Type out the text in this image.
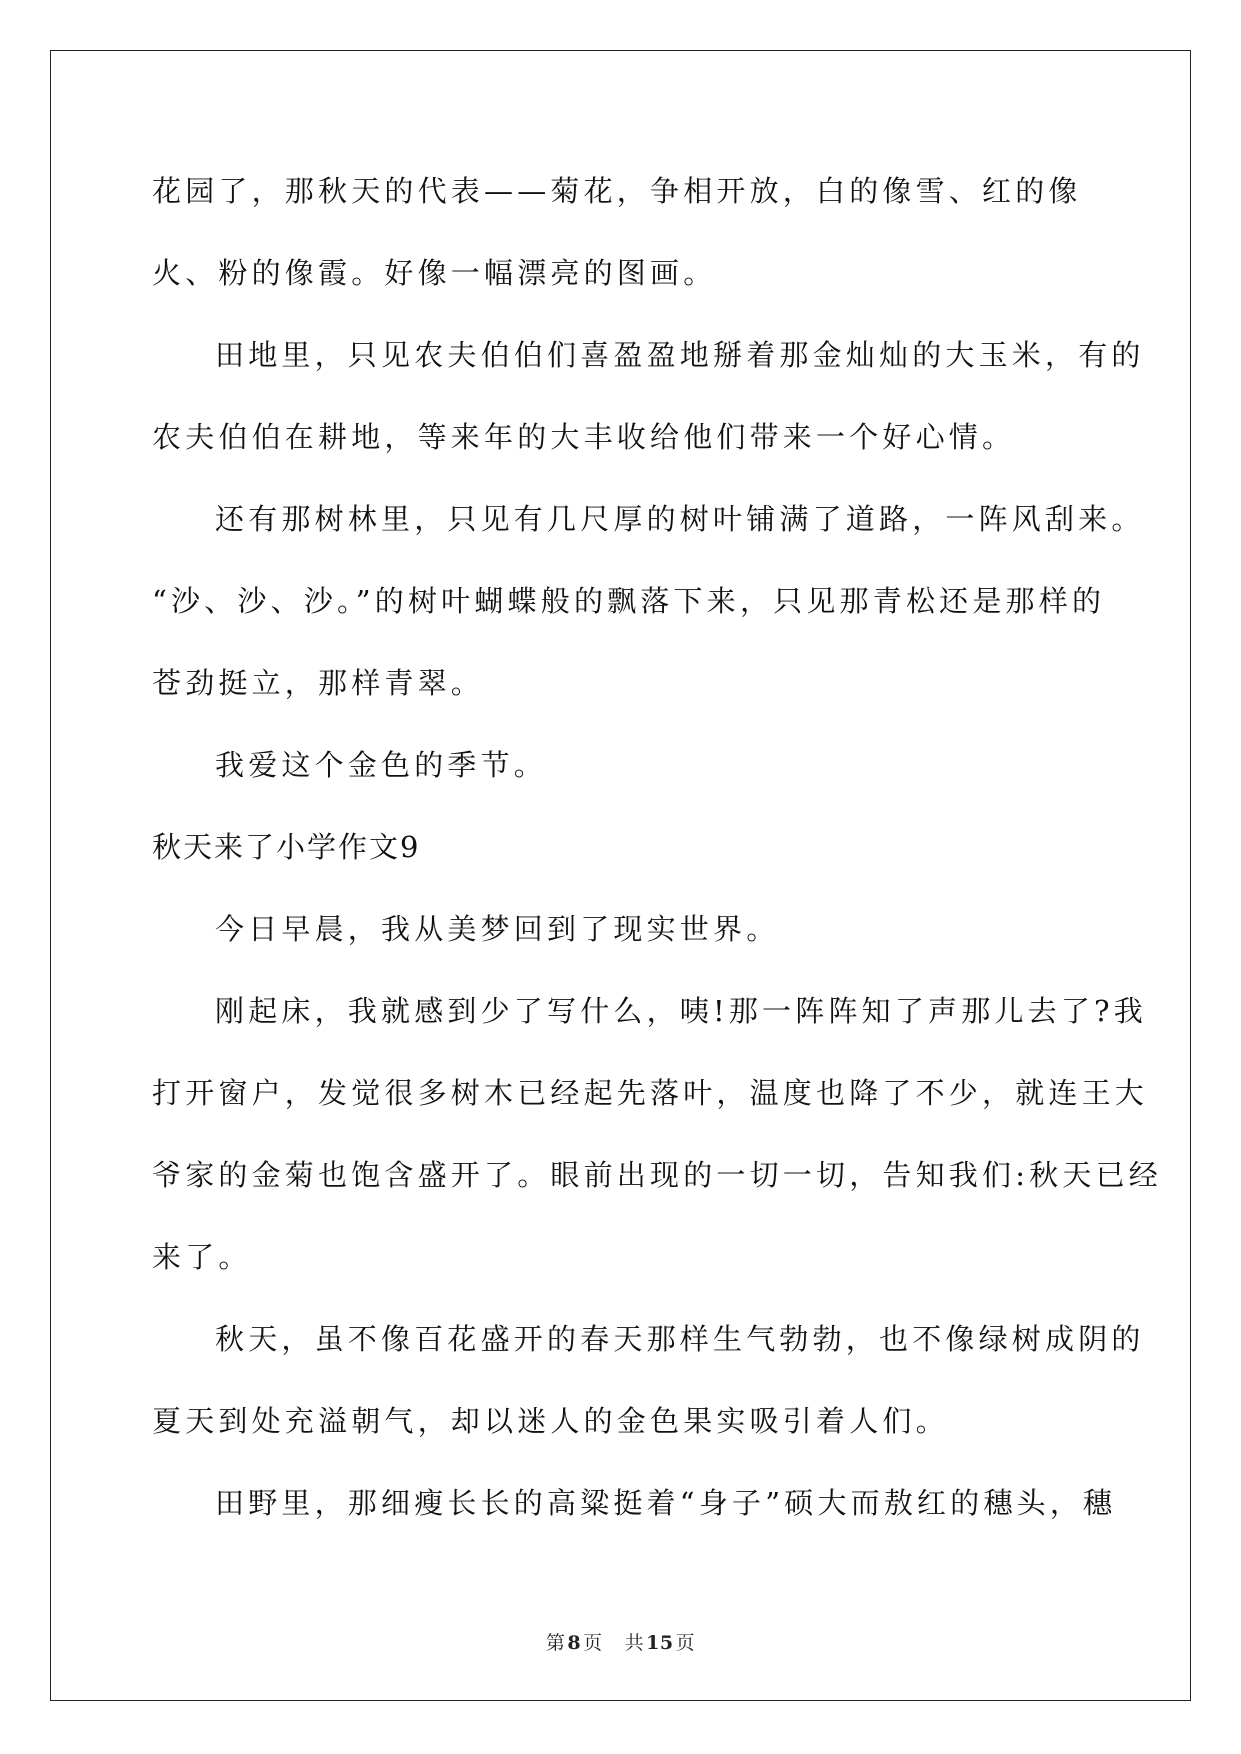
花园了，那秋天的代表——菊花，争相开放，白的像雪、红的像
火、粉的像霞。好像一幅漂亮的图画。
田地里，只见农夫伯伯们喜盈盈地掰着那金灿灿的大玉米，有的
农夫伯伯在耕地，等来年的大丰收给他们带来一个好心情。
还有那树林里，只见有几尺厚的树叶铺满了道路，一阵风刮来。
“沙、沙、沙。”的树叶蝴蝶般的飘落下来，只见那青松还是那样的
苍劲挺立，那样青翠。
我爱这个金色的季节。
秋天来了小学作文9
今日早晨，我从美梦回到了现实世界。
刚起床，我就感到少了写什么，咦!那一阵阵知了声那儿去了?我
打开窗户，发觉很多树木已经起先落叶，温度也降了不少，就连王大
爷家的金菊也饱含盛开了。眼前出现的一切一切，告知我们:秋天已经
来了。
秋天，虽不像百花盛开的春天那样生气勃勃，也不像绿树成阴的
夏天到处充溢朝气，却以迷人的金色果实吸引着人们。
田野里，那细瘦长长的高粱挺着“身子”硕大而敖红的穗头，穗
第 8 页 共 15 页
